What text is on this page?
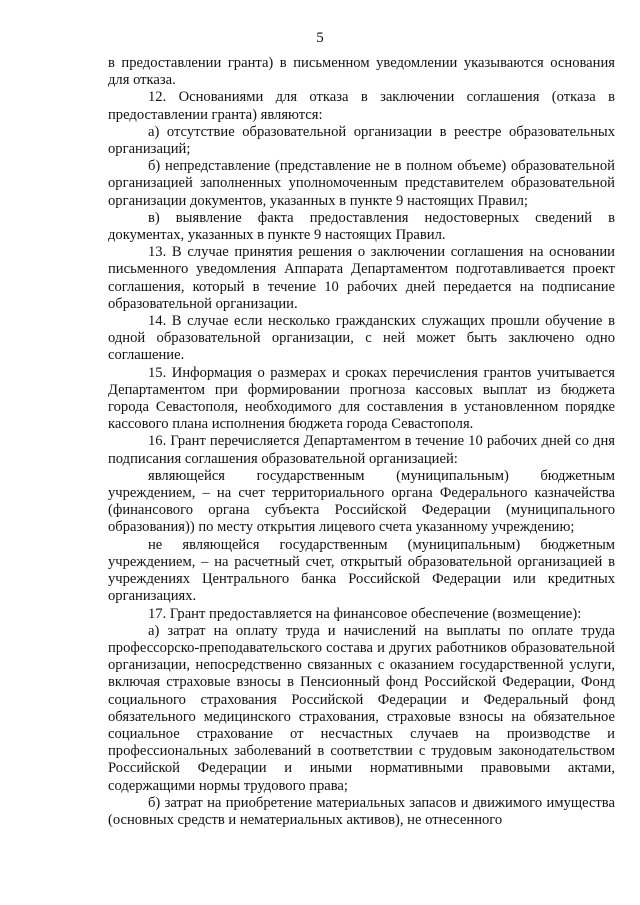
5

в предоставлении гранта) в письменном уведомлении указываются основания для отказа.

12. Основаниями для отказа в заключении соглашения (отказа в предоставлении гранта) являются:

а) отсутствие образовательной организации в реестре образовательных организаций;

б) непредставление (представление не в полном объеме) образовательной организацией заполненных уполномоченным представителем образовательной организации документов, указанных в пункте 9 настоящих Правил;

в) выявление факта предоставления недостоверных сведений в документах, указанных в пункте 9 настоящих Правил.

13. В случае принятия решения о заключении соглашения на основании письменного уведомления Аппарата Департаментом подготавливается проект соглашения, который в течение 10 рабочих дней передается на подписание образовательной организации.

14. В случае если несколько гражданских служащих прошли обучение в одной образовательной организации, с ней может быть заключено одно соглашение.

15. Информация о размерах и сроках перечисления грантов учитывается Департаментом при формировании прогноза кассовых выплат из бюджета города Севастополя, необходимого для составления в установленном порядке кассового плана исполнения бюджета города Севастополя.

16. Грант перечисляется Департаментом в течение 10 рабочих дней со дня подписания соглашения образовательной организацией:

являющейся государственным (муниципальным) бюджетным учреждением, – на счет территориального органа Федерального казначейства (финансового органа субъекта Российской Федерации (муниципального образования)) по месту открытия лицевого счета указанному учреждению;

не являющейся государственным (муниципальным) бюджетным учреждением, – на расчетный счет, открытый образовательной организацией в учреждениях Центрального банка Российской Федерации или кредитных организациях.

17. Грант предоставляется на финансовое обеспечение (возмещение):

а) затрат на оплату труда и начислений на выплаты по оплате труда профессорско-преподавательского состава и других работников образовательной организации, непосредственно связанных с оказанием государственной услуги, включая страховые взносы в Пенсионный фонд Российской Федерации, Фонд социального страхования Российской Федерации и Федеральный фонд обязательного медицинского страхования, страховые взносы на обязательное социальное страхование от несчастных случаев на производстве и профессиональных заболеваний в соответствии с трудовым законодательством Российской Федерации и иными нормативными правовыми актами, содержащими нормы трудового права;

б) затрат на приобретение материальных запасов и движимого имущества (основных средств и нематериальных активов), не отнесенного
